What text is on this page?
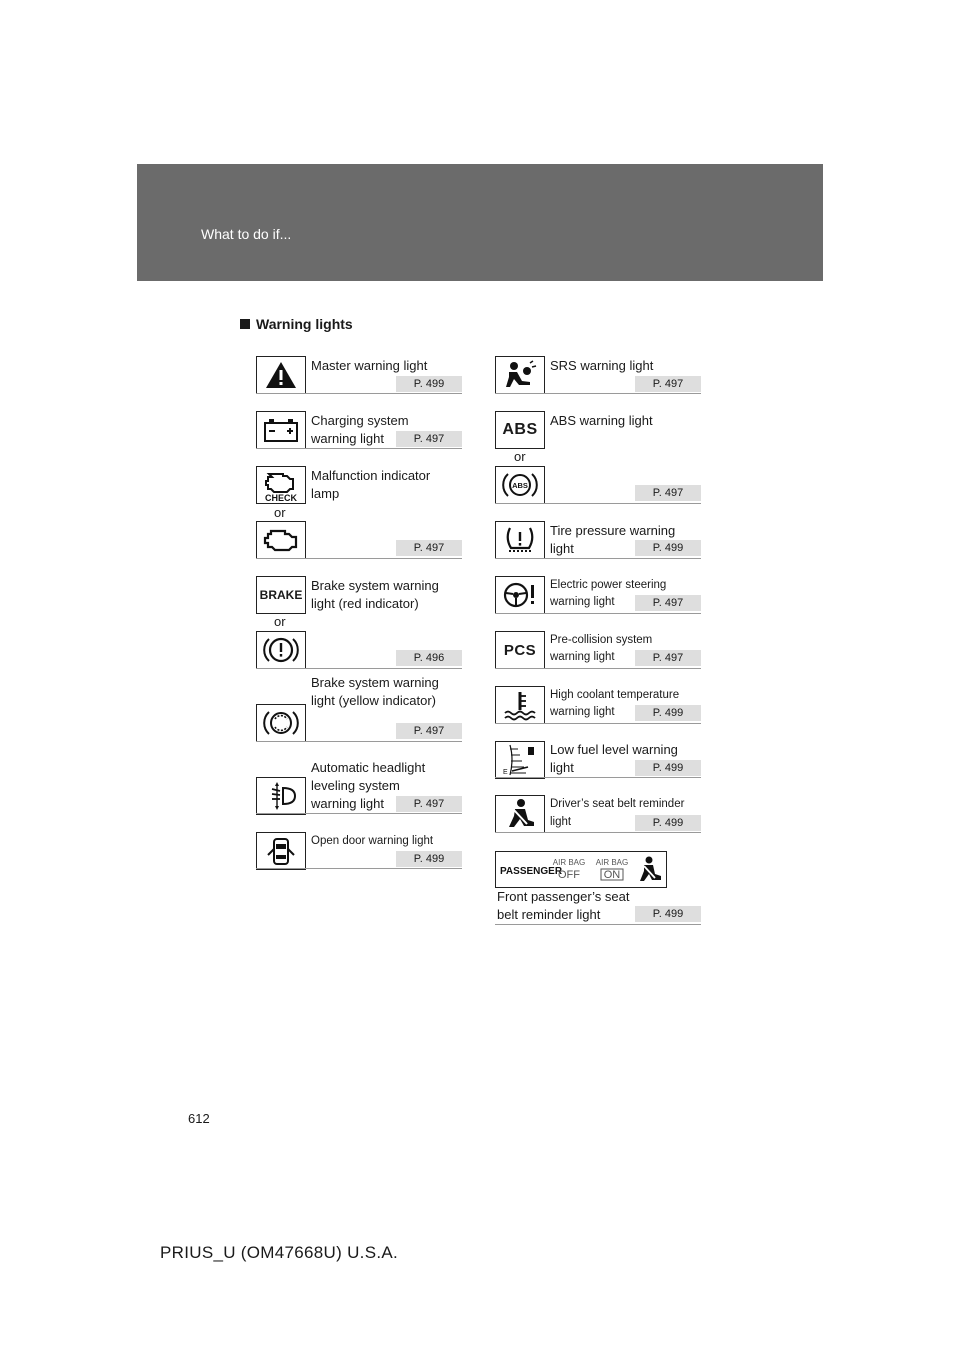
What to do if...
Warning lights
Master warning light
P. 499
Charging system
warning light	P. 497
CHECK
or
Malfunction indicator
lamp
P. 497
BRAKE
or
Brake system warning
light (red indicator)
P. 496
Brake system warning
light (yellow indicator)
P. 497
Automatic headlight
leveling system
warning light	P. 497
Open door warning light
P. 499
SRS warning light
P. 497
ABS
ABS warning light
or
ABS
P. 497
Tire pressure warning
light	P. 499
Electric power steering
warning light	P. 497
PCS
Pre-collision system
warning light	P. 497
High coolant temperature
warning light	P. 499
E
Low fuel level warning
light	P. 499
Driver’s seat belt reminder
light	P. 499
PASSENGER
AIR BAG
OFF
AIR BAG
ON
Front passenger’s seat
belt reminder light	P. 499
612
PRIUS_U (OM47668U) U.S.A.
